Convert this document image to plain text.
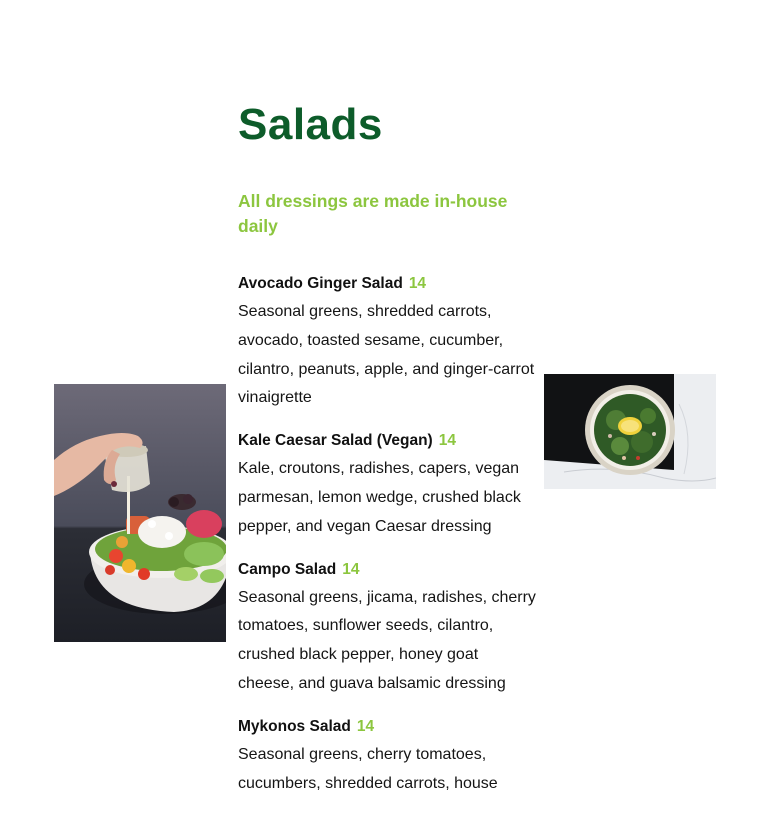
Salads

All dressings are made in-house daily

Avocado Ginger Salad 14
Seasonal greens, shredded carrots, avocado, toasted sesame, cucumber, cilantro, peanuts, apple, and ginger-carrot vinaigrette
Kale Caesar Salad (Vegan) 14
Kale, croutons, radishes, capers, vegan parmesan, lemon wedge, crushed black pepper, and vegan Caesar dressing
Campo Salad 14
Seasonal greens, jicama, radishes, cherry tomatoes, sunflower seeds, cilantro, crushed black pepper, honey goat cheese, and guava balsamic dressing
Mykonos Salad 14
Seasonal greens, cherry tomatoes, cucumbers, shredded carrots, house
